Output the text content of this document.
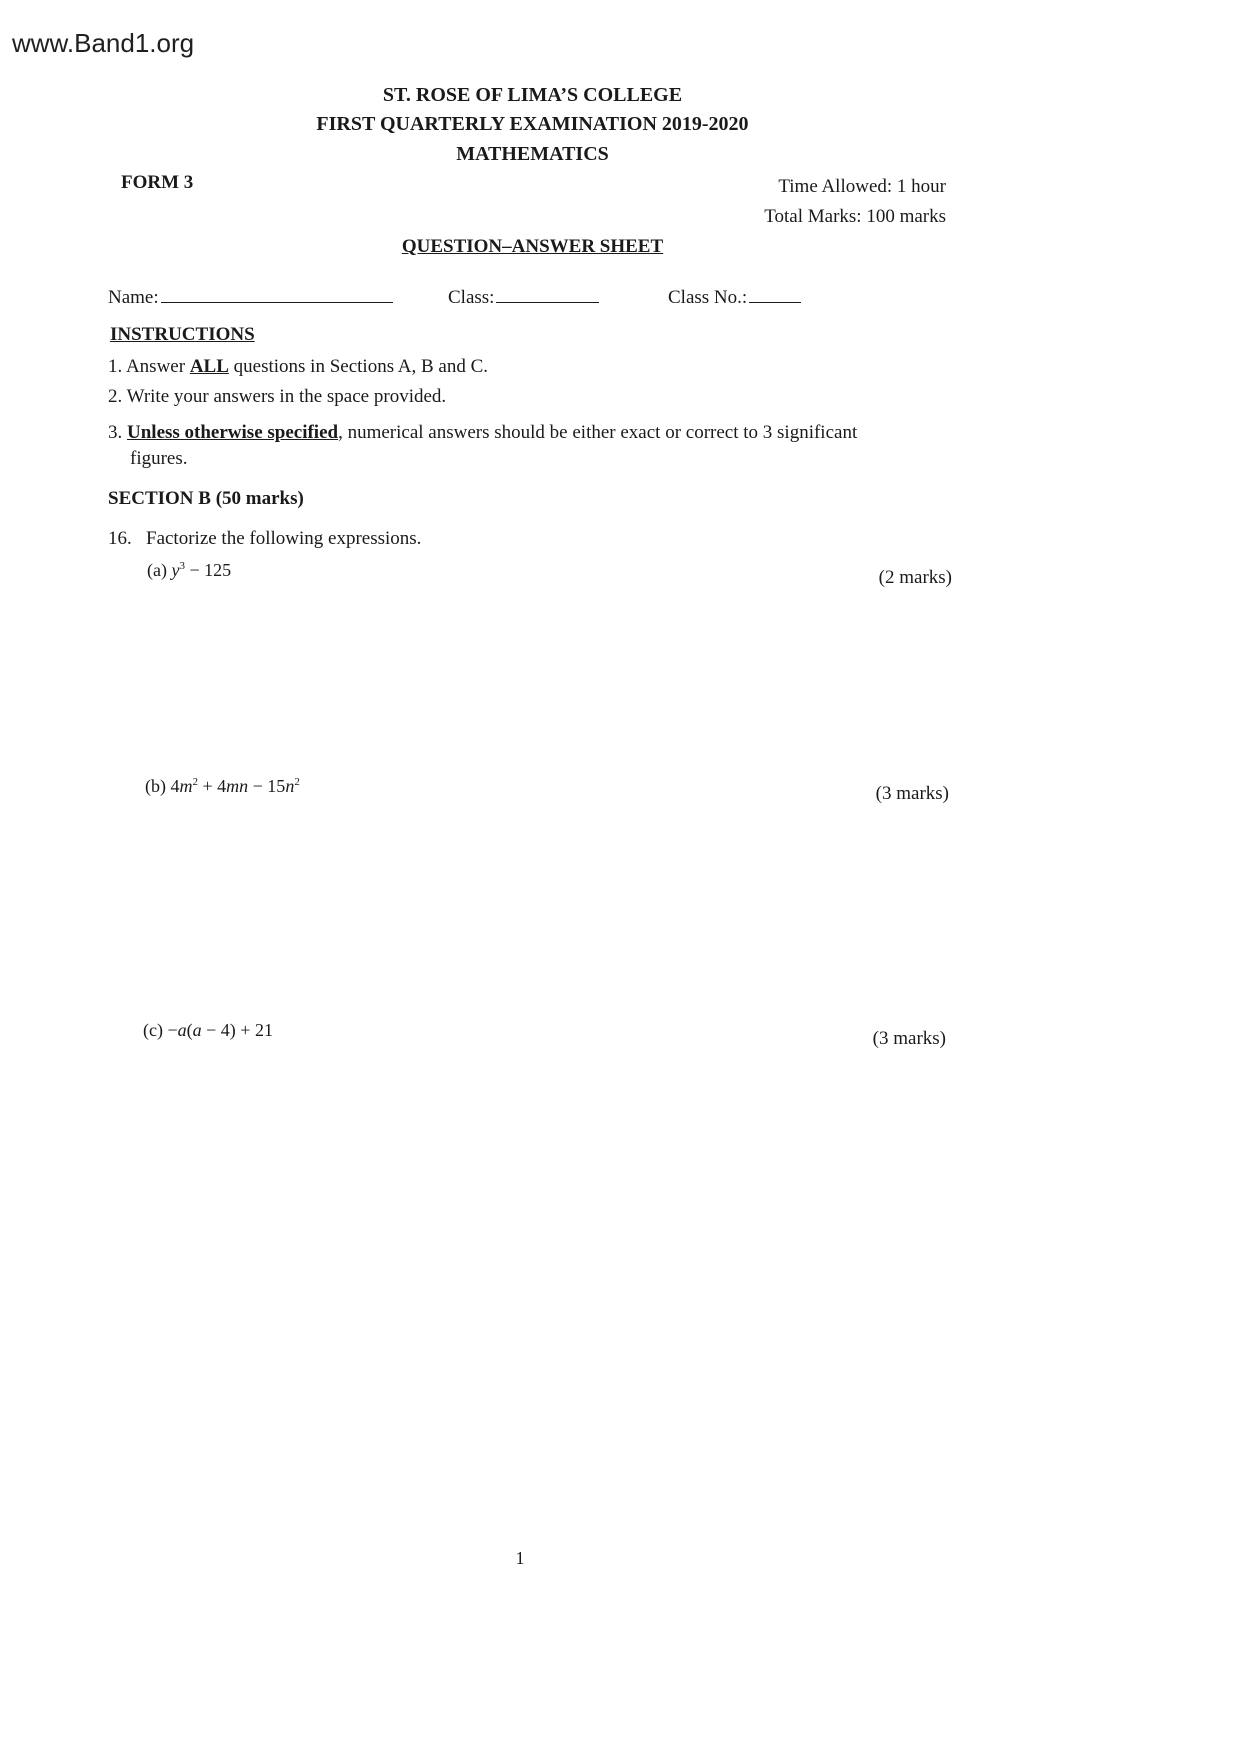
www.Band1.org
ST. ROSE OF LIMA’S COLLEGE
FIRST QUARTERLY EXAMINATION 2019-2020
MATHEMATICS
FORM 3	Time Allowed: 1 hour
Total Marks: 100 marks
QUESTION–ANSWER SHEET
Name:	Class:	Class No.:
INSTRUCTIONS
1. Answer ALL questions in Sections A, B and C.
2. Write your answers in the space provided.
3. Unless otherwise specified, numerical answers should be either exact or correct to 3 significant
figures.
SECTION B (50 marks)
16.   Factorize the following expressions.
(a) $y^3 - 125$	(2 marks)
(b) $4m^2 + 4mn - 15n^2$
(3 marks)
(c) −a(a − 4) + 21	(3 marks)
1
